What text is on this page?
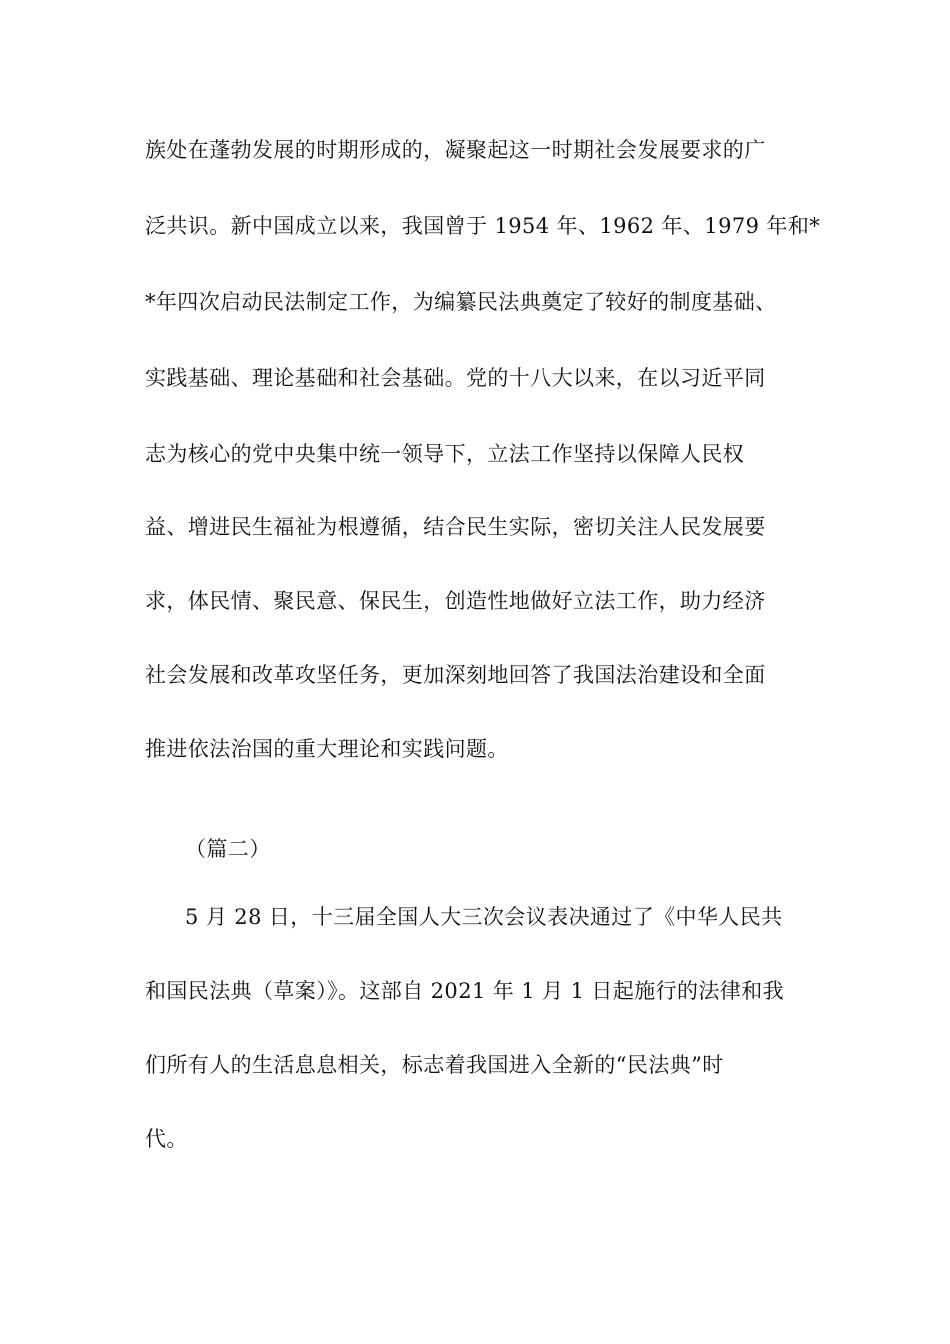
族处在蓬勃发展的时期形成的，凝聚起这一时期社会发展要求的广
泛共识。新中国成立以来，我国曾于 1954 年、1962 年、1979 年和*
*年四次启动民法制定工作，为编纂民法典奠定了较好的制度基础、
实践基础、理论基础和社会基础。党的十八大以来，在以习近平同
志为核心的党中央集中统一领导下，立法工作坚持以保障人民权
益、增进民生福祉为根遵循，结合民生实际，密切关注人民发展要
求，体民情、聚民意、保民生，创造性地做好立法工作，助力经济
社会发展和改革攻坚任务，更加深刻地回答了我国法治建设和全面
推进依法治国的重大理论和实践问题。
（篇二）
5 月 28 日，十三届全国人大三次会议表决通过了《中华人民共
和国民法典（草案）》。这部自 2021 年 1 月 1 日起施行的法律和我
们所有人的生活息息相关，标志着我国进入全新的“民法典”时
代。
